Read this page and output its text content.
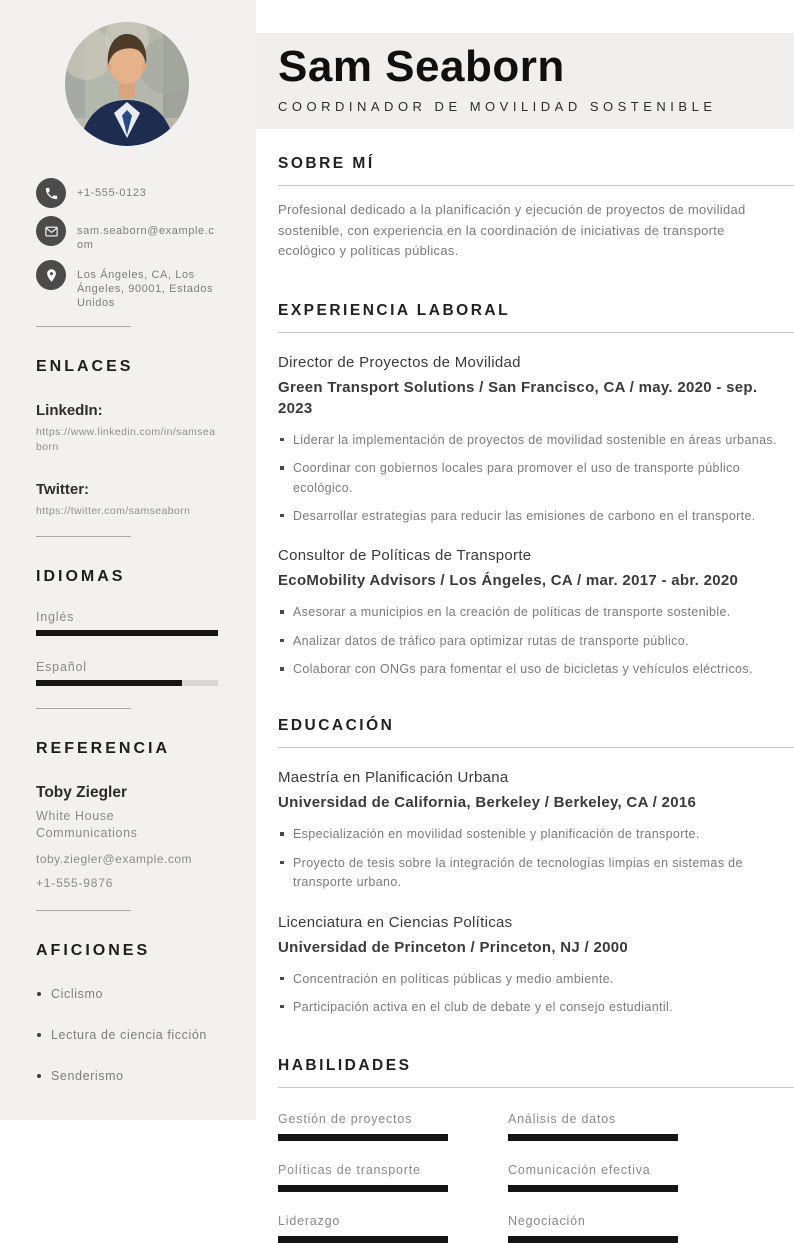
+1-555-0123
sam.seaborn@example.com
Los Ángeles, CA, Los Ángeles, 90001, Estados Unidos
ENLACES
LinkedIn:
https://www.linkedin.com/in/samseaborn
Twitter:
https://twitter.com/samseaborn
IDIOMAS
Inglés
Español
REFERENCIA
Toby Ziegler
White House Communications
toby.ziegler@example.com
+1-555-9876
AFICIONES
Ciclismo
Lectura de ciencia ficción
Senderismo
Sam Seaborn
COORDINADOR DE MOVILIDAD SOSTENIBLE
SOBRE MÍ

Profesional dedicado a la planificación y ejecución de proyectos de movilidad sostenible, con experiencia en la coordinación de iniciativas de transporte ecológico y políticas públicas.

EXPERIENCIA LABORAL
Director de Proyectos de Movilidad
Green Transport Solutions / San Francisco, CA / may. 2020 - sep. 2023
Liderar la implementación de proyectos de movilidad sostenible en áreas urbanas.
Coordinar con gobiernos locales para promover el uso de transporte público ecológico.
Desarrollar estrategias para reducir las emisiones de carbono en el transporte.
Consultor de Políticas de Transporte
EcoMobility Advisors / Los Ángeles, CA / mar. 2017 - abr. 2020
Asesorar a municipios en la creación de políticas de transporte sostenible.
Analizar datos de tráfico para optimizar rutas de transporte público.
Colaborar con ONGs para fomentar el uso de bicicletas y vehículos eléctricos.
EDUCACIÓN
Maestría en Planificación Urbana
Universidad de California, Berkeley / Berkeley, CA / 2016
Especialización en movilidad sostenible y planificación de transporte.
Proyecto de tesis sobre la integración de tecnologías limpias en sistemas de transporte urbano.
Licenciatura en Ciencias Políticas
Universidad de Princeton / Princeton, NJ / 2000
Concentración en políticas públicas y medio ambiente.
Participación activa en el club de debate y el consejo estudiantil.
HABILIDADES
Gestión de proyectos	Análisis de datos
Políticas de transporte	Comunicación efectiva
Liderazgo	Negociación
